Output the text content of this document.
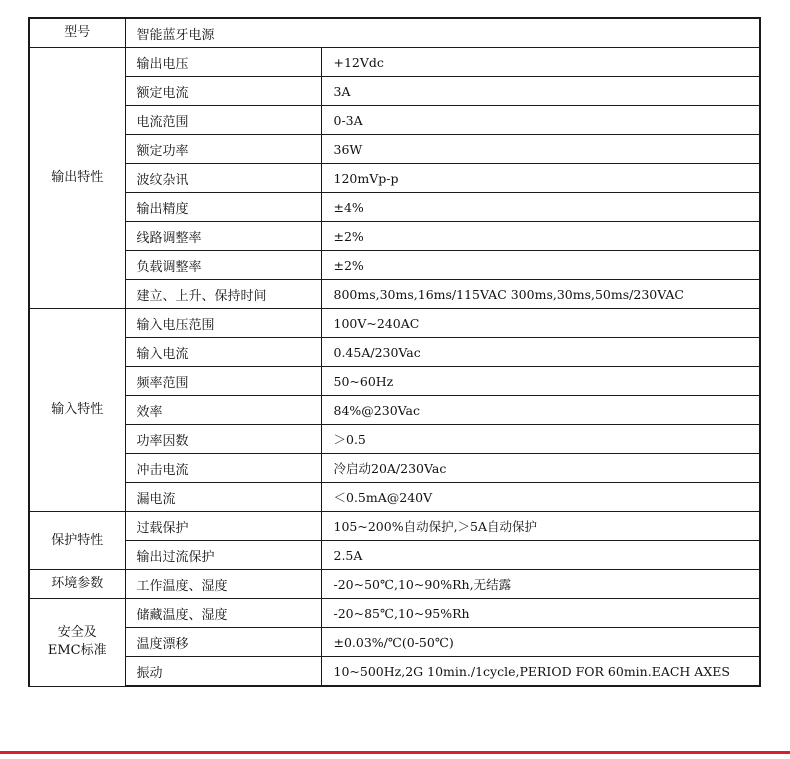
型号	智能蓝牙电源	

输出特性	输出电压	+12Vdc
	额定电流	3A
	电流范围	0-3A
	额定功率	36W
	波纹杂讯	120mVp-p
	输出精度	±4%
	线路调整率	±2%
	负载调整率	±2%
	建立、上升、保持时间	800ms,30ms,16ms/115VAC 300ms,30ms,50ms/230VAC

输入特性	输入电压范围	100V~240AC
	输入电流	0.45A/230Vac
	频率范围	50~60Hz
	效率	84%@230Vac
	功率因数	＞0.5
	冲击电流	冷启动20A/230Vac
	漏电流	＜0.5mA@240V

保护特性	过载保护	105~200%自动保护,＞5A自动保护
	输出过流保护	2.5A

环境参数	工作温度、湿度	-20~50℃,10~90%Rh,无结露

安全及
EMC标准	储藏温度、湿度	-20~85℃,10~95%Rh
	温度漂移	±0.03%/℃(0-50℃)
	振动	10~500Hz,2G 10min./1cycle,PERIOD FOR 60min.EACH AXES
